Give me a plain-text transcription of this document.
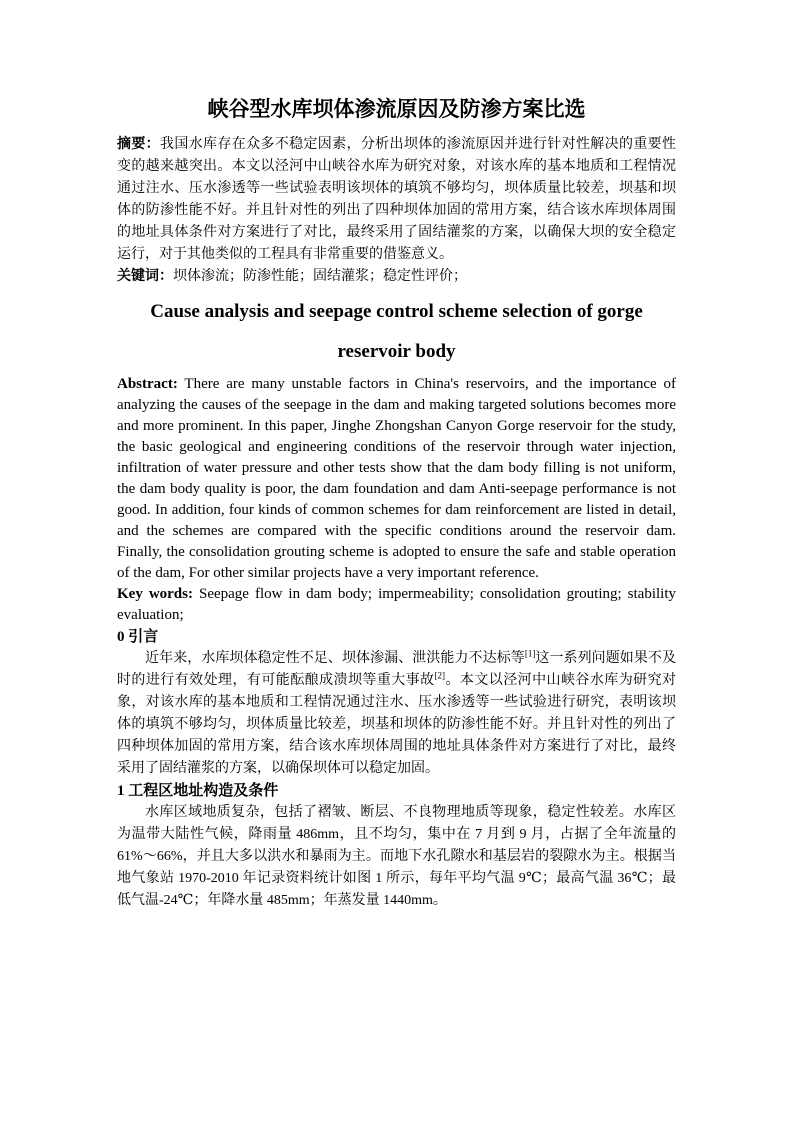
峡谷型水库坝体渗流原因及防渗方案比选

摘要：我国水库存在众多不稳定因素，分析出坝体的渗流原因并进行针对性解决的重要性变的越来越突出。本文以泾河中山峡谷水库为研究对象，对该水库的基本地质和工程情况通过注水、压水渗透等一些试验表明该坝体的填筑不够均匀，坝体质量比较差，坝基和坝体的防渗性能不好。并且针对性的列出了四种坝体加固的常用方案，结合该水库坝体周围的地址具体条件对方案进行了对比，最终采用了固结灌浆的方案，以确保大坝的安全稳定运行，对于其他类似的工程具有非常重要的借鉴意义。

关键词：坝体渗流；防渗性能；固结灌浆；稳定性评价；

Cause analysis and seepage control scheme selection of gorge
reservoir body

Abstract: There are many unstable factors in China's reservoirs, and the importance of analyzing the causes of the seepage in the dam and making targeted solutions becomes more and more prominent. In this paper, Jinghe Zhongshan Canyon Gorge reservoir for the study, the basic geological and engineering conditions of the reservoir through water injection, infiltration of water pressure and other tests show that the dam body filling is not uniform, the dam body quality is poor, the dam foundation and dam Anti-seepage performance is not good. In addition, four kinds of common schemes for dam reinforcement are listed in detail, and the schemes are compared with the specific conditions around the reservoir dam. Finally, the consolidation grouting scheme is adopted to ensure the safe and stable operation of the dam, For other similar projects have a very important reference.

Key words: Seepage flow in dam body; impermeability; consolidation grouting; stability evaluation;

0 引言

近年来，水库坝体稳定性不足、坝体渗漏、泄洪能力不达标等[1]这一系列问题如果不及时的进行有效处理，有可能酝酿成溃坝等重大事故[2]。本文以泾河中山峡谷水库为研究对象，对该水库的基本地质和工程情况通过注水、压水渗透等一些试验进行研究，表明该坝体的填筑不够均匀，坝体质量比较差，坝基和坝体的防渗性能不好。并且针对性的列出了四种坝体加固的常用方案，结合该水库坝体周围的地址具体条件对方案进行了对比，最终采用了固结灌浆的方案，以确保坝体可以稳定加固。

1 工程区地址构造及条件

水库区域地质复杂，包括了褶皱、断层、不良物理地质等现象，稳定性较差。水库区为温带大陆性气候，降雨量 486mm，且不均匀，集中在 7 月到 9 月，占据了全年流量的 61%～66%，并且大多以洪水和暴雨为主。而地下水孔隙水和基层岩的裂隙水为主。根据当地气象站 1970-2010 年记录资料统计如图 1 所示，每年平均气温 9℃；最高气温 36℃；最低气温-24℃；年降水量 485mm；年蒸发量 1440mm。
